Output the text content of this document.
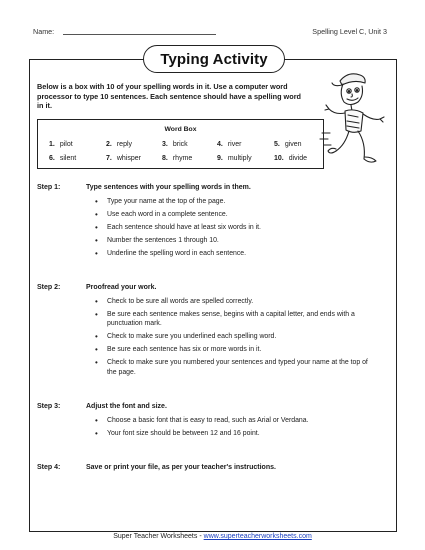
Name:	Spelling Level C, Unit 3
Typing Activity
Below is a box with 10 of your spelling words in it. Use a computer word processor to type 10 sentences. Each sentence should have a spelling word in it.
Word Box
1. pilot	2. reply	3. brick	4. river	5. given
6. silent	7. whisper	8. rhyme	9. multiply	10. divide
Step 1:	Type sentences with your spelling words in them.
• Type your name at the top of the page.
• Use each word in a complete sentence.
• Each sentence should have at least six words in it.
• Number the sentences 1 through 10.
• Underline the spelling word in each sentence.
Step 2:	Proofread your work.
• Check to be sure all words are spelled correctly.
• Be sure each sentence makes sense, begins with a capital letter, and ends with a punctuation mark.
• Check to make sure you underlined each spelling word.
• Be sure each sentence has six or more words in it.
• Check to make sure you numbered your sentences and typed your name at the top of the page.
Step 3:	Adjust the font and size.
• Choose a basic font that is easy to read, such as Arial or Verdana.
• Your font size should be between 12 and 16 point.
Step 4:	Save or print your file, as per your teacher's instructions.
Super Teacher Worksheets - www.superteacherworksheets.com
